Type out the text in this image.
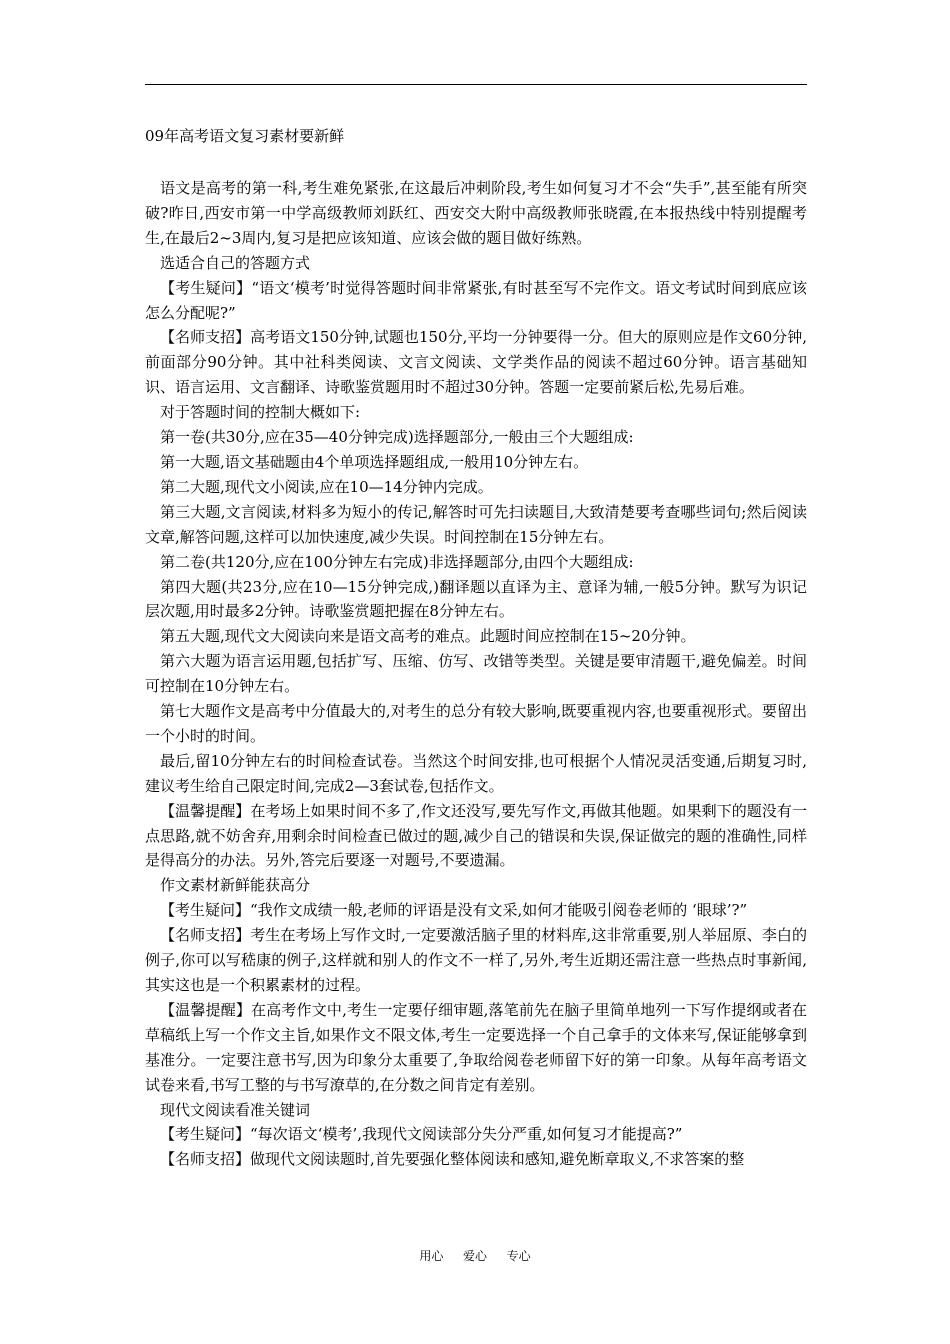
09年高考语文复习素材要新鲜

语文是高考的第一科,考生难免紧张,在这最后冲刺阶段,考生如何复习才不会“失手”,甚至能有所突破?昨日,西安市第一中学高级教师刘跃红、西安交大附中高级教师张晓霞,在本报热线中特别提醒考生,在最后2~3周内,复习是把应该知道、应该会做的题目做好练熟。

选适合自己的答题方式

【考生疑问】“语文‘模考’时觉得答题时间非常紧张,有时甚至写不完作文。语文考试时间到底应该怎么分配呢?”

【名师支招】高考语文150分钟,试题也150分,平均一分钟要得一分。但大的原则应是作文60分钟,前面部分90分钟。其中社科类阅读、文言文阅读、文学类作品的阅读不超过60分钟。语言基础知识、语言运用、文言翻译、诗歌鉴赏题用时不超过30分钟。答题一定要前紧后松,先易后难。

对于答题时间的控制大概如下:

第一卷(共30分,应在35—40分钟完成)选择题部分,一般由三个大题组成:

第一大题,语文基础题由4个单项选择题组成,一般用10分钟左右。

第二大题,现代文小阅读,应在10—14分钟内完成。

第三大题,文言阅读,材料多为短小的传记,解答时可先扫读题目,大致清楚要考查哪些词句;然后阅读文章,解答问题,这样可以加快速度,减少失误。时间控制在15分钟左右。

第二卷(共120分,应在100分钟左右完成)非选择题部分,由四个大题组成:

第四大题(共23分,应在10—15分钟完成,)翻译题以直译为主、意译为辅,一般5分钟。默写为识记层次题,用时最多2分钟。诗歌鉴赏题把握在8分钟左右。

第五大题,现代文大阅读向来是语文高考的难点。此题时间应控制在15~20分钟。

第六大题为语言运用题,包括扩写、压缩、仿写、改错等类型。关键是要审清题干,避免偏差。时间可控制在10分钟左右。

第七大题作文是高考中分值最大的,对考生的总分有较大影响,既要重视内容,也要重视形式。要留出一个小时的时间。

最后,留10分钟左右的时间检查试卷。当然这个时间安排,也可根据个人情况灵活变通,后期复习时,建议考生给自己限定时间,完成2—3套试卷,包括作文。

【温馨提醒】在考场上如果时间不多了,作文还没写,要先写作文,再做其他题。如果剩下的题没有一点思路,就不妨舍弃,用剩余时间检查已做过的题,减少自己的错误和失误,保证做完的题的准确性,同样是得高分的办法。另外,答完后要逐一对题号,不要遗漏。

作文素材新鲜能获高分

【考生疑问】“我作文成绩一般,老师的评语是没有文采,如何才能吸引阅卷老师的 ‘眼球’?”

【名师支招】考生在考场上写作文时,一定要激活脑子里的材料库,这非常重要,别人举屈原、李白的例子,你可以写嵇康的例子,这样就和别人的作文不一样了,另外,考生近期还需注意一些热点时事新闻,其实这也是一个积累素材的过程。

【温馨提醒】在高考作文中,考生一定要仔细审题,落笔前先在脑子里简单地列一下写作提纲或者在草稿纸上写一个作文主旨,如果作文不限文体,考生一定要选择一个自己拿手的文体来写,保证能够拿到基准分。一定要注意书写,因为印象分太重要了,争取给阅卷老师留下好的第一印象。从每年高考语文试卷来看,书写工整的与书写潦草的,在分数之间肯定有差别。

现代文阅读看准关键词

【考生疑问】“每次语文‘模考’,我现代文阅读部分失分严重,如何复习才能提高?”

【名师支招】做现代文阅读题时,首先要强化整体阅读和感知,避免断章取义,不求答案的整

用心  爱心  专心
